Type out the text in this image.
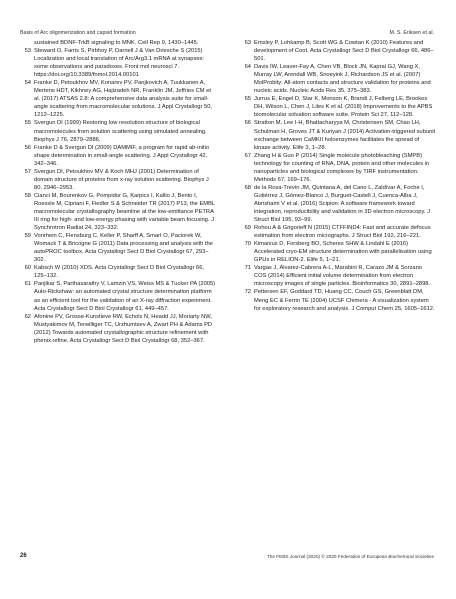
Basis of Arc oligomerization and capsid formation	M. S. Eriksen et al.
sustained BDNF-TrkB signaling to MNK. Cell Rep 9, 1430–1445.
53 Steward O, Farris S, Pirbhoy P, Darnell J & Van Driesche S (2015) Localization and local translation of Arc/Arg3.1 mRNA at synapses: some observations and paradoxes. Front mol neurosci 7. https://doi.org/10.3389/fnmol.2014.00101
54 Franke D, Petoukhov MV, Konarev PV, Panjkovich A, Tuukkanen A, Mertens HDT, Kikhney AG, Hajizadeh NR, Franklin JM, Jeffries CM et al. (2017) ATSAS 2.8: A comprehensive data analysis suite for small-angle scattering from macromolecular solutions. J Appl Crystallogr 50, 1212–1225.
55 Svergun DI (1999) Restoring low resolution structure of biological macromolecules from solution scattering using simulated annealing. Biophys J 76, 2879–2886.
56 Franke D & Svergun DI (2009) DAMMIF, a program for rapid ab-initio shape determination in small-angle scattering. J Appl Crystallogr 42, 342–346.
57 Svergun DI, Petoukhov MV & Koch MHJ (2001) Determination of domain structure of proteins from x-ray solution scattering. Biophys J 80, 2946–2953.
58 Cianci M, Bourenkov G, Pompidor G, Karpics I, Kallio J, Bento I, Roessle M, Cipriani F, Fiedler S & Schneider TR (2017) P13, the EMBL macromolecular crystallography beamline at the low-emittance PETRA III ring for high- and low-energy phasing with variable beam focusing. J Synchrotron Radiat 24, 323–332.
59 Vonrhein C, Flensburg C, Keller P, Sharff A, Smart O, Paciorek W, Womack T & Bricogne G (2011) Data processing and analysis with the autoPROC toolbox. Acta Crystallogr Sect D Biol Crystallogr 67, 293–302.
60 Kabsch W (2010) XDS. Acta Crystallogr Sect D Biol Crystallogr 66, 125–132.
61 Panjikar S, Parthasarathy V, Lamzin VS, Weiss MS & Tucker PA (2005) Auto-Rickshaw: an automated crystal structure determination platform as an efficient tool for the validation of an X-ray diffraction experiment. Acta Crystallogr Sect D Biol Crystallogr 61, 449–457.
62 Afonine PV, Grosse-Kunstleve RW, Echols N, Headd JJ, Moriarty NW, Mustyakimov M, Terwilliger TC, Urzhumtsev A, Zwart PH & Adams PD (2012) Towards automated crystallographic structure refinement with phenix.refine. Acta Crystallogr Sect D Biol Crystallogr 68, 352–367.
63 Emsley P, Lohkamp B, Scott WG & Cowtan K (2010) Features and development of Coot. Acta Crystallogr Sect D Biol Crystallogr 66, 486–501.
64 Davis IW, Leaver-Fay A, Chen VB, Block JN, Kapral GJ, Wang X, Murray LW, Arendall WB, Snoeyink J, Richardson JS et al. (2007) MolProbity: All-atom contacts and structure validation for proteins and nucleic acids. Nucleic Acids Res 35, 375–383.
65 Jurrus E, Engel D, Star K, Monson K, Brandi J, Felberg LE, Brookes DH, Wilson L, Chen J, Liles K et al. (2018) Improvements to the APBS biomolecular solvation software suite. Protein Sci 27, 112–128.
66 Stratton M, Lee I-H, Bhattacharyya M, Christensen SM, Chao LH, Schulman H, Groves JT & Kuriyan J (2014) Activation-triggered subunit exchange between CaMKII holoenzymes facilitates the spread of kinase activity. Elife 3, 1–28.
67 Zhang H & Guo P (2014) Single molecule photobleaching (SMPB) technology for counting of RNA, DNA, protein and other molecules in nanoparticles and biological complexes by TIRF instrumentation. Methods 67, 169–176.
68 de la Rosa-Trevín JM, Quintana A, del Cano L, Zaldívar A, Foche I, Gutiérrez J, Gómez-Blanco J, Burguet-Castell J, Cuenca-Alba J, Abrishami V et al. (2016) Scipion: A software framework toward integration, reproducibility and validation in 3D electron microscopy. J Struct Biol 195, 93–99.
69 Rohou A & Grigorieff N (2015) CTFFIND4: Fast and accurate defocus estimation from electron micrographs. J Struct Biol 192, 216–221.
70 Kimanius D, Forsberg BO, Scheres SHW & Lindahl E (2016) Accelerated cryo-EM structure determination with parallelisation using GPUs in RELION-2. Elife 5, 1–21.
71 Vargas J, Álvarez-Cabrera A-L, Marabini R, Carazo JM & Sorzano COS (2014) Efficient initial volume determination from electron microscopy images of single particles. Bioinformatics 30, 2891–2898.
72 Pettersen EF, Goddard TD, Huang CC, Couch GS, Greenblatt DM, Meng EC & Ferrin TE (2004) UCSF Chimera - A visualization system for exploratory research and analysis. J Comput Chem 25, 1605–1612.
26	The FEBS Journal (2020) © 2020 Federation of European Biochemical Societies
